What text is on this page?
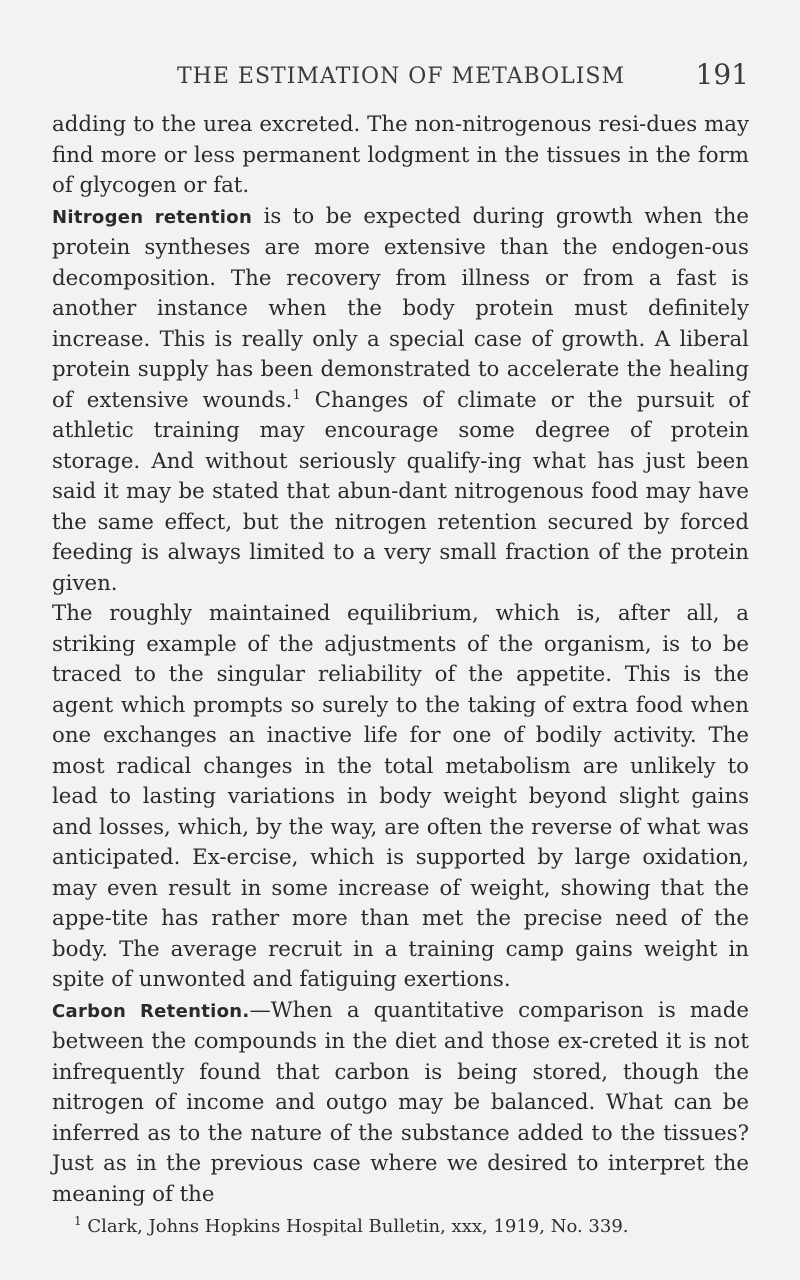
THE ESTIMATION OF METABOLISM	191

adding to the urea excreted. The non-nitrogenous resi-dues may find more or less permanent lodgment in the tissues in the form of glycogen or fat.

Nitrogen retention is to be expected during growth when the protein syntheses are more extensive than the endogen-ous decomposition. The recovery from illness or from a fast is another instance when the body protein must definitely increase. This is really only a special case of growth. A liberal protein supply has been demonstrated to accelerate the healing of extensive wounds.$^1$ Changes of climate or the pursuit of athletic training may encourage some degree of protein storage. And without seriously qualify-ing what has just been said it may be stated that abun-dant nitrogenous food may have the same effect, but the nitrogen retention secured by forced feeding is always limited to a very small fraction of the protein given.

The roughly maintained equilibrium, which is, after all, a striking example of the adjustments of the organism, is to be traced to the singular reliability of the appetite. This is the agent which prompts so surely to the taking of extra food when one exchanges an inactive life for one of bodily activity. The most radical changes in the total metabolism are unlikely to lead to lasting variations in body weight beyond slight gains and losses, which, by the way, are often the reverse of what was anticipated. Ex-ercise, which is supported by large oxidation, may even result in some increase of weight, showing that the appe-tite has rather more than met the precise need of the body. The average recruit in a training camp gains weight in spite of unwonted and fatiguing exertions.

Carbon Retention.—When a quantitative comparison is made between the compounds in the diet and those ex-creted it is not infrequently found that carbon is being stored, though the nitrogen of income and outgo may be balanced. What can be inferred as to the nature of the substance added to the tissues? Just as in the previous case where we desired to interpret the meaning of the

$^1$ Clark, Johns Hopkins Hospital Bulletin, xxx, 1919, No. 339.
